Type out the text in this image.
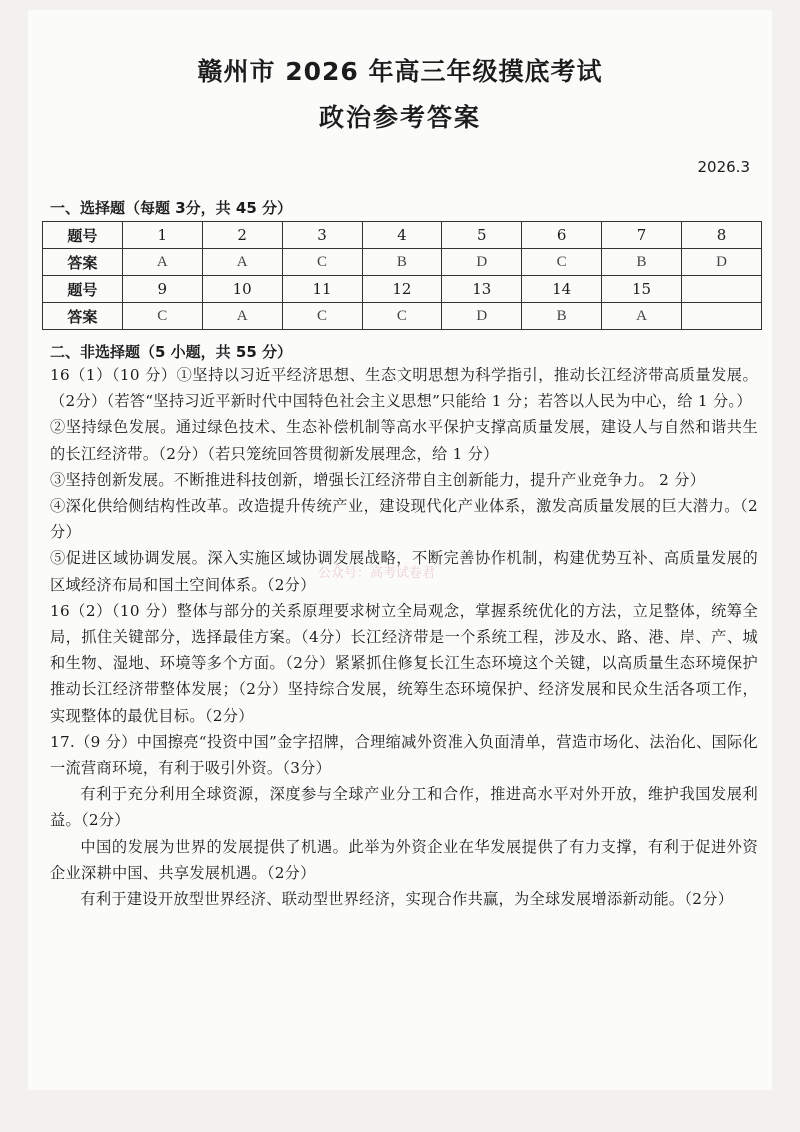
赣州市 2026 年高三年级摸底考试
政治参考答案
2026.3
一、选择题（每题 3分，共 45 分）
题号	1	2	3	4	5	6	7	8
答案	A	A	C	B	D	C	B	D
题号	9	10	11	12	13	14	15	
答案	C	A	C	C	D	B	A	
二、非选择题（5 小题，共 55 分）

16（1）（10 分）①坚持以习近平经济思想、生态文明思想为科学指引，推动长江经济带高质量发展。（2分）（若答“坚持习近平新时代中国特色社会主义思想”只能给 1 分；若答以人民为中心，给 1 分。）

②坚持绿色发展。通过绿色技术、生态补偿机制等高水平保护支撑高质量发展，建设人与自然和谐共生的长江经济带。（2分）（若只笼统回答贯彻新发展理念，给 1 分）

③坚持创新发展。不断推进科技创新，增强长江经济带自主创新能力，提升产业竞争力。 2 分）

④深化供给侧结构性改革。改造提升传统产业，建设现代化产业体系，激发高质量发展的巨大潜力。（2 分）

⑤促进区域协调发展。深入实施区域协调发展战略，不断完善协作机制，构建优势互补、高质量发展的区域经济布局和国土空间体系。（2分）

16（2）（10 分）整体与部分的关系原理要求树立全局观念，掌握系统优化的方法，立足整体，统筹全局，抓住关键部分，选择最佳方案。（4分）长江经济带是一个系统工程，涉及水、路、港、岸、产、城和生物、湿地、环境等多个方面。（2分）紧紧抓住修复长江生态环境这个关键，以高质量生态环境保护推动长江经济带整体发展；（2分）坚持综合发展，统筹生态环境保护、经济发展和民众生活各项工作，实现整体的最优目标。（2分）

17.（9 分）中国擦亮“投资中国”金字招牌，合理缩减外资准入负面清单，营造市场化、法治化、国际化一流营商环境，有利于吸引外资。（3分）

有利于充分利用全球资源，深度参与全球产业分工和合作，推进高水平对外开放，维护我国发展利益。（2分）

中国的发展为世界的发展提供了机遇。此举为外资企业在华发展提供了有力支撑，有利于促进外资企业深耕中国、共享发展机遇。（2分）

有利于建设开放型世界经济、联动型世界经济，实现合作共赢，为全球发展增添新动能。（2分）

公众号：高考试卷君
